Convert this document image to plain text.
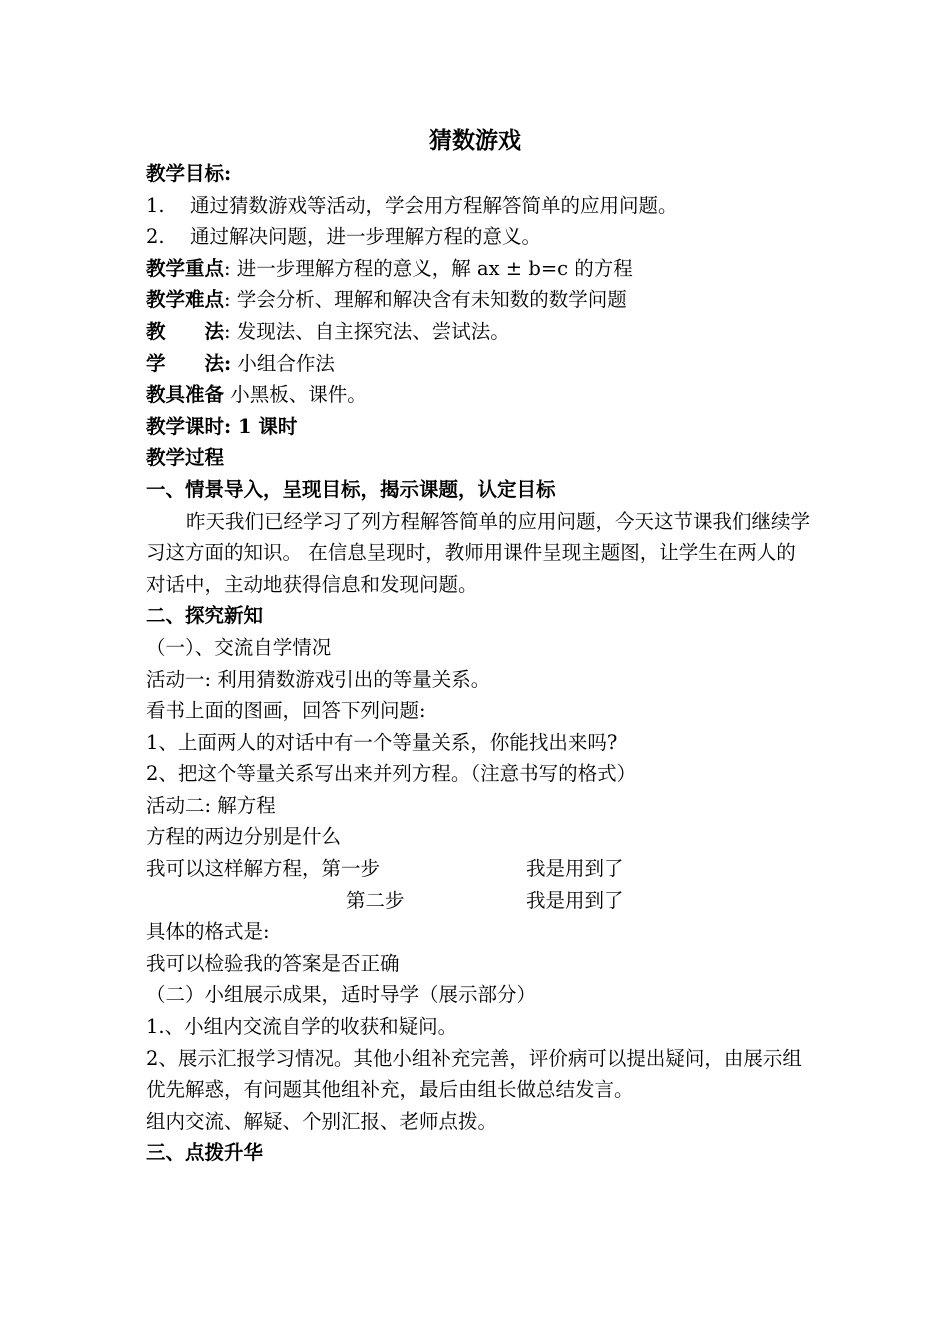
猜数游戏
教学目标:
1. 通过猜数游戏等活动，学会用方程解答简单的应用问题。
2. 通过解决问题，进一步理解方程的意义。
教学重点: 进一步理解方程的意义，解 ax ± b=c 的方程
教学难点: 学会分析、理解和解决含有未知数的数学问题
教　　法: 发现法、自主探究法、尝试法。
学　　法: 小组合作法
教具准备 小黑板、课件。
教学课时: 1 课时
教学过程
一、情景导入，呈现目标，揭示课题，认定目标
昨天我们已经学习了列方程解答简单的应用问题，今天这节课我们继续学习这方面的知识。 在信息呈现时，教师用课件呈现主题图，让学生在两人的对话中，主动地获得信息和发现问题。
二、探究新知
（一）、交流自学情况
活动一: 利用猜数游戏引出的等量关系。
看书上面的图画，回答下列问题:
1、上面两人的对话中有一个等量关系，你能找出来吗?
2、把这个等量关系写出来并列方程。（注意书写的格式）
活动二: 解方程
方程的两边分别是什么
我可以这样解方程，第一步	我是用到了
第二步	我是用到了
具体的格式是:
我可以检验我的答案是否正确
（二）小组展示成果，适时导学（展示部分）
1.、小组内交流自学的收获和疑问。
2、展示汇报学习情况。其他小组补充完善，评价病可以提出疑问，由展示组优先解惑，有问题其他组补充，最后由组长做总结发言。
组内交流、解疑、个别汇报、老师点拨。
三、点拨升华
